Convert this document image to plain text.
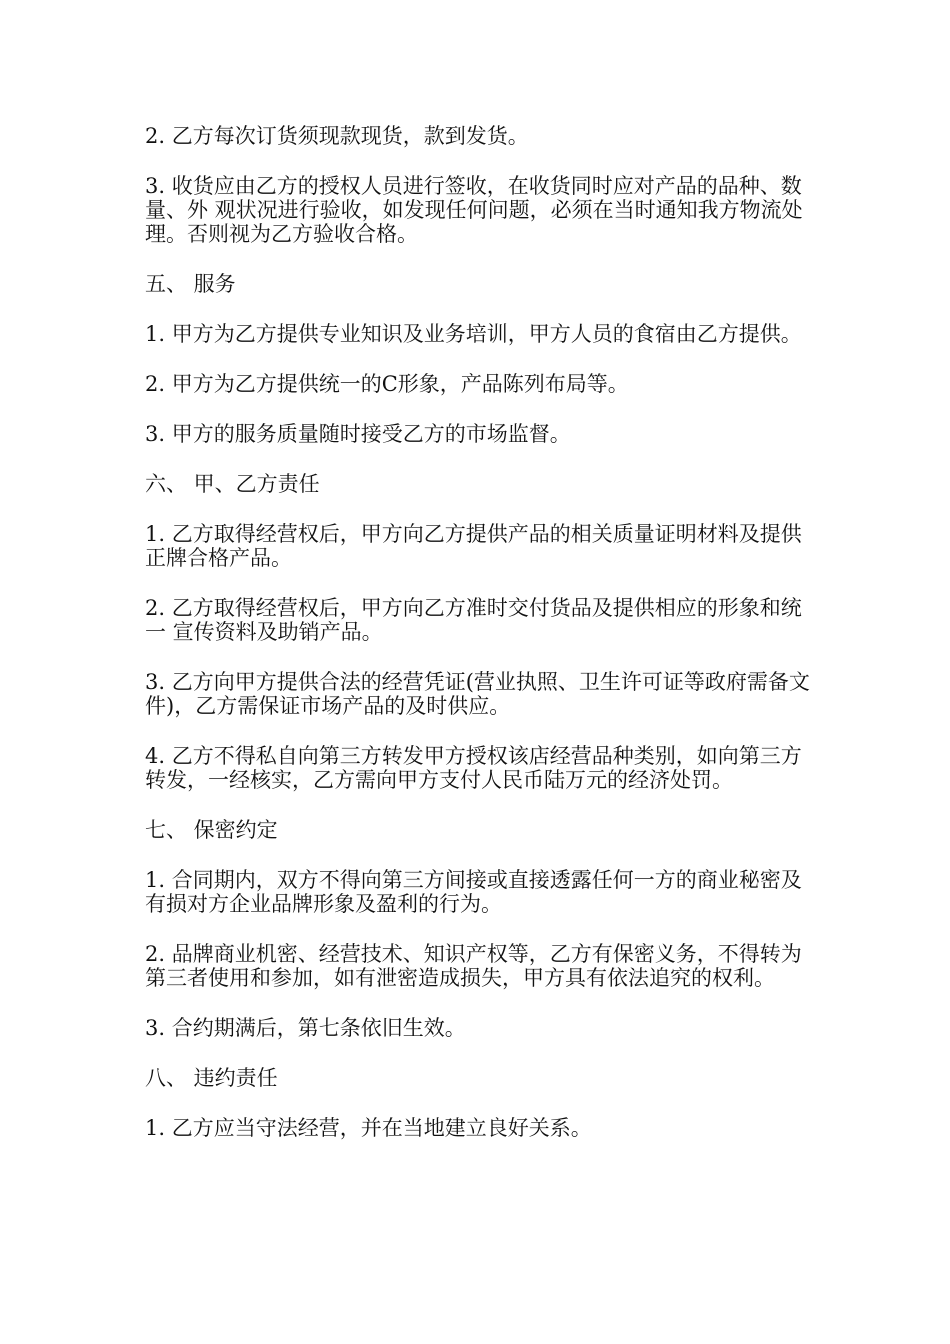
2. 乙方每次订货须现款现货，款到发货。

3. 收货应由乙方的授权人员进行签收，在收货同时应对产品的品种、数量、外 观状况进行验收，如发现任何问题，必须在当时通知我方物流处理。否则视为乙方验收合格。

五、 服务

1. 甲方为乙方提供专业知识及业务培训，甲方人员的食宿由乙方提供。

2. 甲方为乙方提供统一的C形象，产品陈列布局等。

3. 甲方的服务质量随时接受乙方的市场监督。

六、 甲、乙方责任

1. 乙方取得经营权后，甲方向乙方提供产品的相关质量证明材料及提供正牌合格产品。

2. 乙方取得经营权后，甲方向乙方准时交付货品及提供相应的形象和统一 宣传资料及助销产品。

3. 乙方向甲方提供合法的经营凭证(营业执照、卫生许可证等政府需备文件)，乙方需保证市场产品的及时供应。

4. 乙方不得私自向第三方转发甲方授权该店经营品种类别，如向第三方转发，一经核实，乙方需向甲方支付人民币陆万元的经济处罚。

七、 保密约定

1. 合同期内，双方不得向第三方间接或直接透露任何一方的商业秘密及有损对方企业品牌形象及盈利的行为。

2. 品牌商业机密、经营技术、知识产权等，乙方有保密义务，不得转为第三者使用和参加，如有泄密造成损失，甲方具有依法追究的权利。

3. 合约期满后，第七条依旧生效。

八、 违约责任

1. 乙方应当守法经营，并在当地建立良好关系。
